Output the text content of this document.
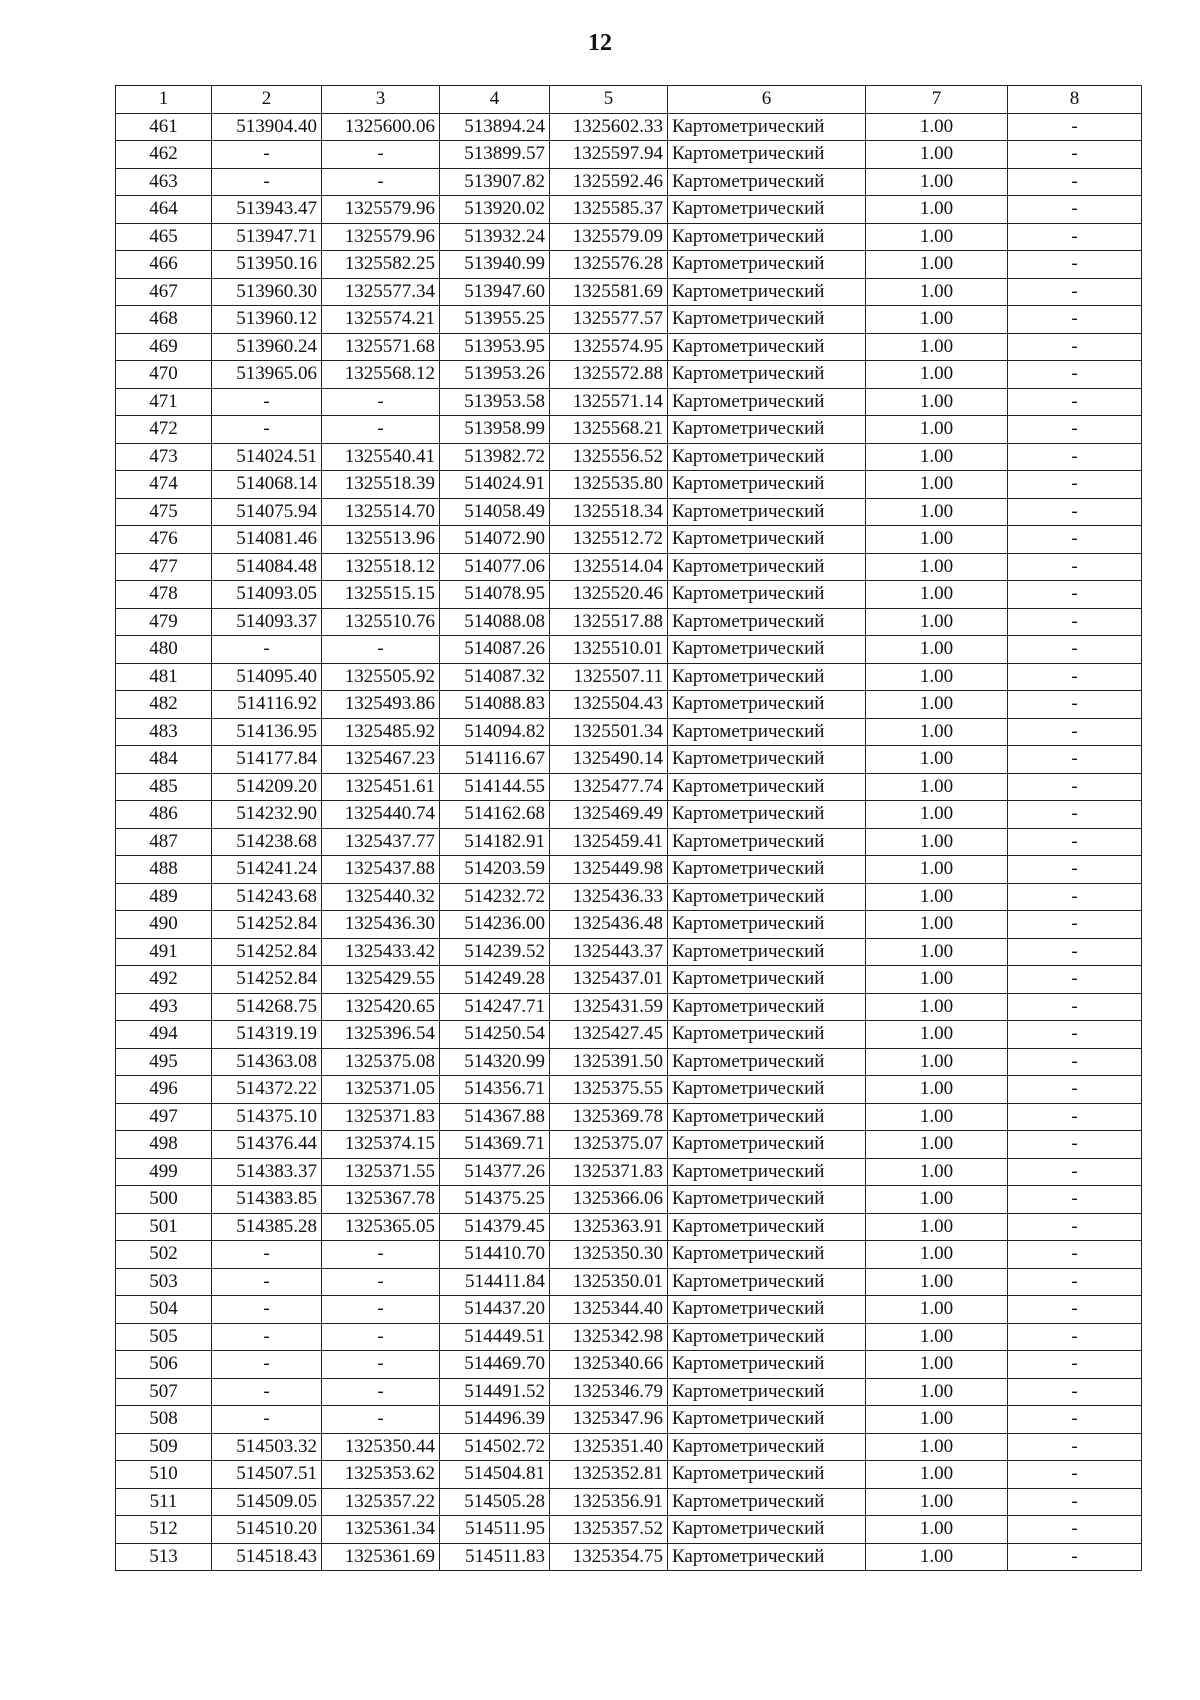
12
1	2	3	4	5	6	7	8
461	513904.40	1325600.06	513894.24	1325602.33	Картометрический	1.00	-
462	-	-	513899.57	1325597.94	Картометрический	1.00	-
463	-	-	513907.82	1325592.46	Картометрический	1.00	-
464	513943.47	1325579.96	513920.02	1325585.37	Картометрический	1.00	-
465	513947.71	1325579.96	513932.24	1325579.09	Картометрический	1.00	-
466	513950.16	1325582.25	513940.99	1325576.28	Картометрический	1.00	-
467	513960.30	1325577.34	513947.60	1325581.69	Картометрический	1.00	-
468	513960.12	1325574.21	513955.25	1325577.57	Картометрический	1.00	-
469	513960.24	1325571.68	513953.95	1325574.95	Картометрический	1.00	-
470	513965.06	1325568.12	513953.26	1325572.88	Картометрический	1.00	-
471	-	-	513953.58	1325571.14	Картометрический	1.00	-
472	-	-	513958.99	1325568.21	Картометрический	1.00	-
473	514024.51	1325540.41	513982.72	1325556.52	Картометрический	1.00	-
474	514068.14	1325518.39	514024.91	1325535.80	Картометрический	1.00	-
475	514075.94	1325514.70	514058.49	1325518.34	Картометрический	1.00	-
476	514081.46	1325513.96	514072.90	1325512.72	Картометрический	1.00	-
477	514084.48	1325518.12	514077.06	1325514.04	Картометрический	1.00	-
478	514093.05	1325515.15	514078.95	1325520.46	Картометрический	1.00	-
479	514093.37	1325510.76	514088.08	1325517.88	Картометрический	1.00	-
480	-	-	514087.26	1325510.01	Картометрический	1.00	-
481	514095.40	1325505.92	514087.32	1325507.11	Картометрический	1.00	-
482	514116.92	1325493.86	514088.83	1325504.43	Картометрический	1.00	-
483	514136.95	1325485.92	514094.82	1325501.34	Картометрический	1.00	-
484	514177.84	1325467.23	514116.67	1325490.14	Картометрический	1.00	-
485	514209.20	1325451.61	514144.55	1325477.74	Картометрический	1.00	-
486	514232.90	1325440.74	514162.68	1325469.49	Картометрический	1.00	-
487	514238.68	1325437.77	514182.91	1325459.41	Картометрический	1.00	-
488	514241.24	1325437.88	514203.59	1325449.98	Картометрический	1.00	-
489	514243.68	1325440.32	514232.72	1325436.33	Картометрический	1.00	-
490	514252.84	1325436.30	514236.00	1325436.48	Картометрический	1.00	-
491	514252.84	1325433.42	514239.52	1325443.37	Картометрический	1.00	-
492	514252.84	1325429.55	514249.28	1325437.01	Картометрический	1.00	-
493	514268.75	1325420.65	514247.71	1325431.59	Картометрический	1.00	-
494	514319.19	1325396.54	514250.54	1325427.45	Картометрический	1.00	-
495	514363.08	1325375.08	514320.99	1325391.50	Картометрический	1.00	-
496	514372.22	1325371.05	514356.71	1325375.55	Картометрический	1.00	-
497	514375.10	1325371.83	514367.88	1325369.78	Картометрический	1.00	-
498	514376.44	1325374.15	514369.71	1325375.07	Картометрический	1.00	-
499	514383.37	1325371.55	514377.26	1325371.83	Картометрический	1.00	-
500	514383.85	1325367.78	514375.25	1325366.06	Картометрический	1.00	-
501	514385.28	1325365.05	514379.45	1325363.91	Картометрический	1.00	-
502	-	-	514410.70	1325350.30	Картометрический	1.00	-
503	-	-	514411.84	1325350.01	Картометрический	1.00	-
504	-	-	514437.20	1325344.40	Картометрический	1.00	-
505	-	-	514449.51	1325342.98	Картометрический	1.00	-
506	-	-	514469.70	1325340.66	Картометрический	1.00	-
507	-	-	514491.52	1325346.79	Картометрический	1.00	-
508	-	-	514496.39	1325347.96	Картометрический	1.00	-
509	514503.32	1325350.44	514502.72	1325351.40	Картометрический	1.00	-
510	514507.51	1325353.62	514504.81	1325352.81	Картометрический	1.00	-
511	514509.05	1325357.22	514505.28	1325356.91	Картометрический	1.00	-
512	514510.20	1325361.34	514511.95	1325357.52	Картометрический	1.00	-
513	514518.43	1325361.69	514511.83	1325354.75	Картометрический	1.00	-
